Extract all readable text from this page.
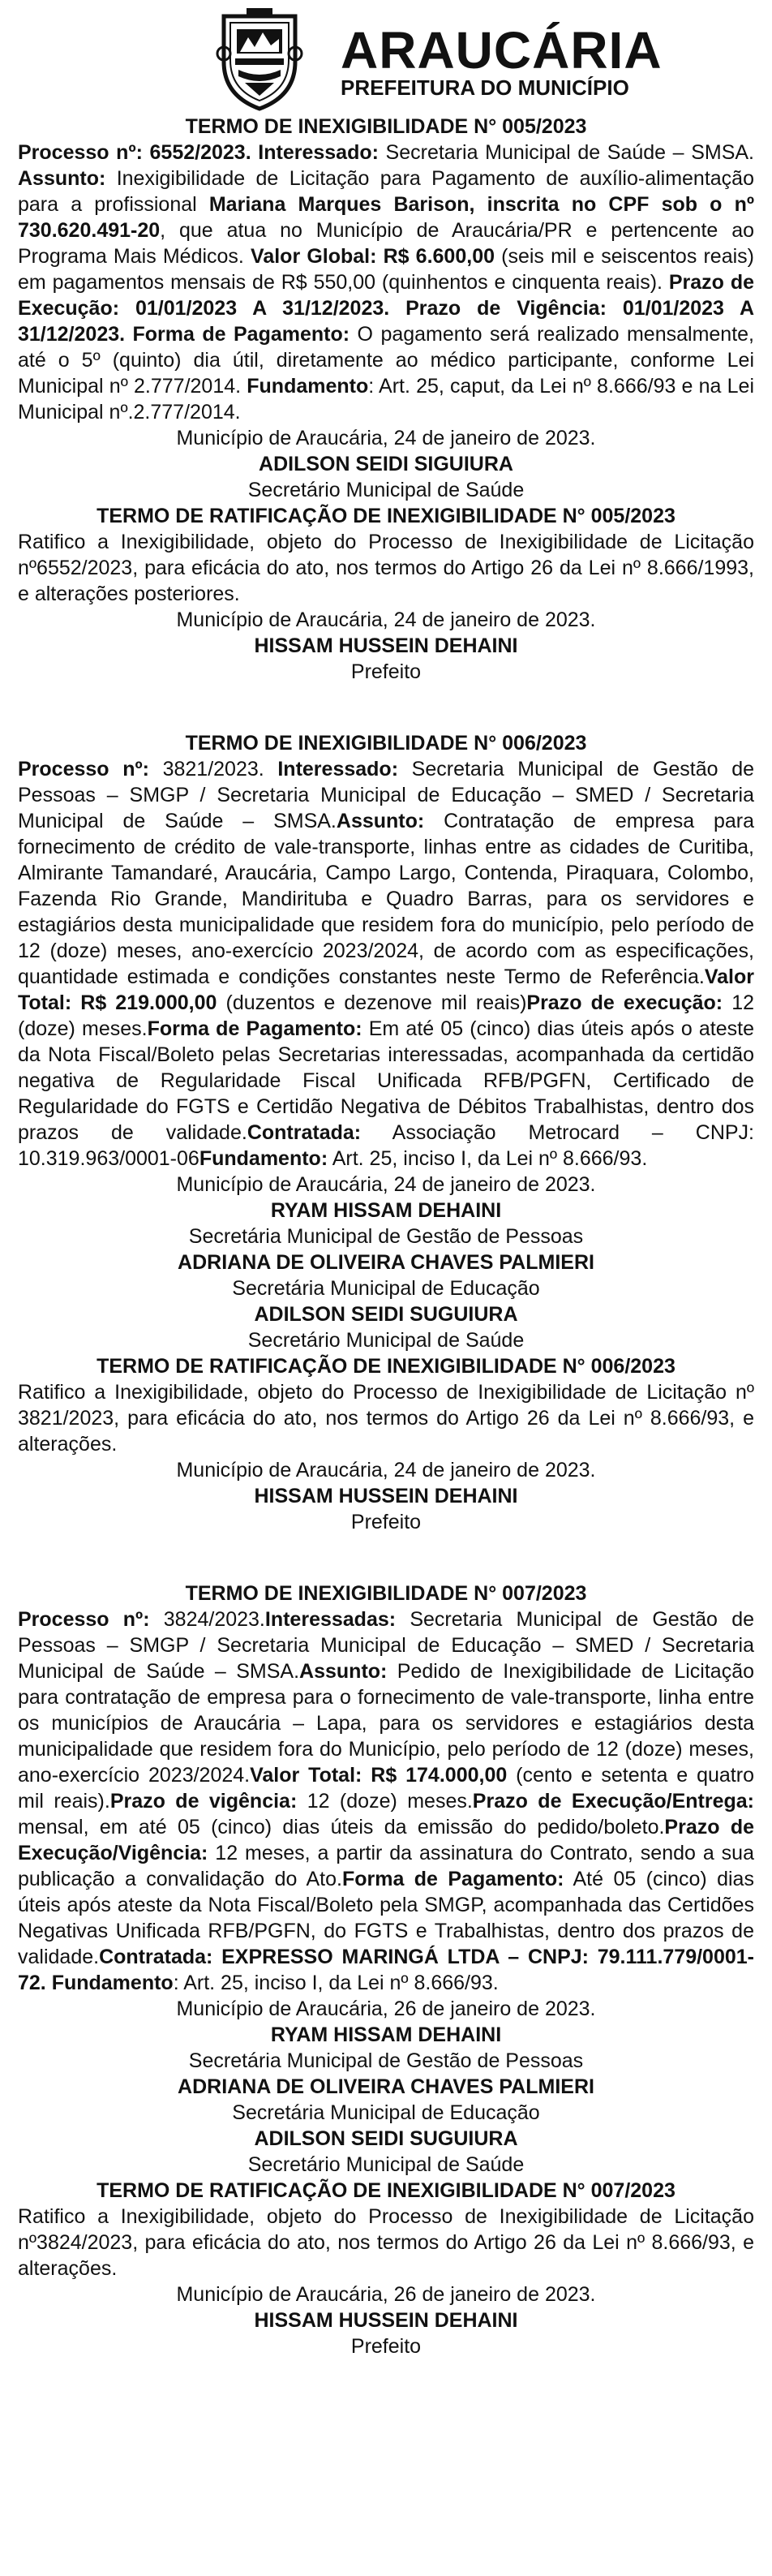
ARAUCÁRIA
PREFEITURA DO MUNICÍPIO

TERMO DE INEXIGIBILIDADE N° 005/2023

Processo nº: 6552/2023. Interessado: Secretaria Municipal de Saúde – SMSA. Assunto: Inexigibilidade de Licitação para Pagamento de auxílio-alimentação para a profissional Mariana Marques Barison, inscrita no CPF sob o nº 730.620.491-20, que atua no Município de Araucária/PR e pertencente ao Programa Mais Médicos. Valor Global: R$ 6.600,00 (seis mil e seiscentos reais) em pagamentos mensais de R$ 550,00 (quinhentos e cinquenta reais). Prazo de Execução: 01/01/2023 A 31/12/2023. Prazo de Vigência: 01/01/2023 A 31/12/2023. Forma de Pagamento: O pagamento será realizado mensalmente, até o 5º (quinto) dia útil, diretamente ao médico participante, conforme Lei Municipal nº 2.777/2014. Fundamento: Art. 25, caput, da Lei nº 8.666/93 e na Lei Municipal nº.2.777/2014.

Município de Araucária, 24 de janeiro de 2023.

ADILSON SEIDI SIGUIURA

Secretário Municipal de Saúde

TERMO DE RATIFICAÇÃO DE INEXIGIBILIDADE N° 005/2023

Ratifico a Inexigibilidade, objeto do Processo de Inexigibilidade de Licitação nº6552/2023, para eficácia do ato, nos termos do Artigo 26 da Lei nº 8.666/1993, e alterações posteriores.

Município de Araucária, 24 de janeiro de 2023.

HISSAM HUSSEIN DEHAINI

Prefeito

TERMO DE INEXIGIBILIDADE N° 006/2023

Processo nº: 3821/2023. Interessado: Secretaria Municipal de Gestão de Pessoas – SMGP / Secretaria Municipal de Educação – SMED / Secretaria Municipal de Saúde – SMSA.Assunto: Contratação de empresa para fornecimento de crédito de vale-transporte, linhas entre as cidades de Curitiba, Almirante Tamandaré, Araucária, Campo Largo, Contenda, Piraquara, Colombo, Fazenda Rio Grande, Mandirituba e Quadro Barras, para os servidores e estagiários desta municipalidade que residem fora do município, pelo período de 12 (doze) meses, ano-exercício 2023/2024, de acordo com as especificações, quantidade estimada e condições constantes neste Termo de Referência.Valor Total: R$ 219.000,00 (duzentos e dezenove mil reais)Prazo de execução: 12 (doze) meses.Forma de Pagamento: Em até 05 (cinco) dias úteis após o ateste da Nota Fiscal/Boleto pelas Secretarias interessadas, acompanhada da certidão negativa de Regularidade Fiscal Unificada RFB/PGFN, Certificado de Regularidade do FGTS e Certidão Negativa de Débitos Trabalhistas, dentro dos prazos de validade.Contratada: Associação Metrocard – CNPJ: 10.319.963/0001-06Fundamento: Art. 25, inciso I, da Lei nº 8.666/93.

Município de Araucária, 24 de janeiro de 2023.

RYAM HISSAM DEHAINI

Secretária Municipal de Gestão de Pessoas

ADRIANA DE OLIVEIRA CHAVES PALMIERI

Secretária Municipal de Educação

ADILSON SEIDI SUGUIURA

Secretário Municipal de Saúde

TERMO DE RATIFICAÇÃO DE INEXIGIBILIDADE N° 006/2023

Ratifico a Inexigibilidade, objeto do Processo de Inexigibilidade de Licitação nº 3821/2023, para eficácia do ato, nos termos do Artigo 26 da Lei nº 8.666/93, e alterações.

Município de Araucária, 24 de janeiro de 2023.

HISSAM HUSSEIN DEHAINI

Prefeito

TERMO DE INEXIGIBILIDADE N° 007/2023

Processo nº: 3824/2023.Interessadas: Secretaria Municipal de Gestão de Pessoas – SMGP / Secretaria Municipal de Educação – SMED / Secretaria Municipal de Saúde – SMSA.Assunto: Pedido de Inexigibilidade de Licitação para contratação de empresa para o fornecimento de vale-transporte, linha entre os municípios de Araucária – Lapa, para os servidores e estagiários desta municipalidade que residem fora do Município, pelo período de 12 (doze) meses, ano-exercício 2023/2024.Valor Total: R$ 174.000,00 (cento e setenta e quatro mil reais).Prazo de vigência: 12 (doze) meses.Prazo de Execução/Entrega: mensal, em até 05 (cinco) dias úteis da emissão do pedido/boleto.Prazo de Execução/Vigência: 12 meses, a partir da assinatura do Contrato, sendo a sua publicação a convalidação do Ato.Forma de Pagamento: Até 05 (cinco) dias úteis após ateste da Nota Fiscal/Boleto pela SMGP, acompanhada das Certidões Negativas Unificada RFB/PGFN, do FGTS e Trabalhistas, dentro dos prazos de validade.Contratada: EXPRESSO MARINGÁ LTDA – CNPJ: 79.111.779/0001-72. Fundamento: Art. 25, inciso I, da Lei nº 8.666/93.

Município de Araucária, 26 de janeiro de 2023.

RYAM HISSAM DEHAINI

Secretária Municipal de Gestão de Pessoas

ADRIANA DE OLIVEIRA CHAVES PALMIERI

Secretária Municipal de Educação

ADILSON SEIDI SUGUIURA

Secretário Municipal de Saúde

TERMO DE RATIFICAÇÃO DE INEXIGIBILIDADE N° 007/2023

Ratifico a Inexigibilidade, objeto do Processo de Inexigibilidade de Licitação nº3824/2023, para eficácia do ato, nos termos do Artigo 26 da Lei nº 8.666/93, e alterações.

Município de Araucária, 26 de janeiro de 2023.

HISSAM HUSSEIN DEHAINI

Prefeito
